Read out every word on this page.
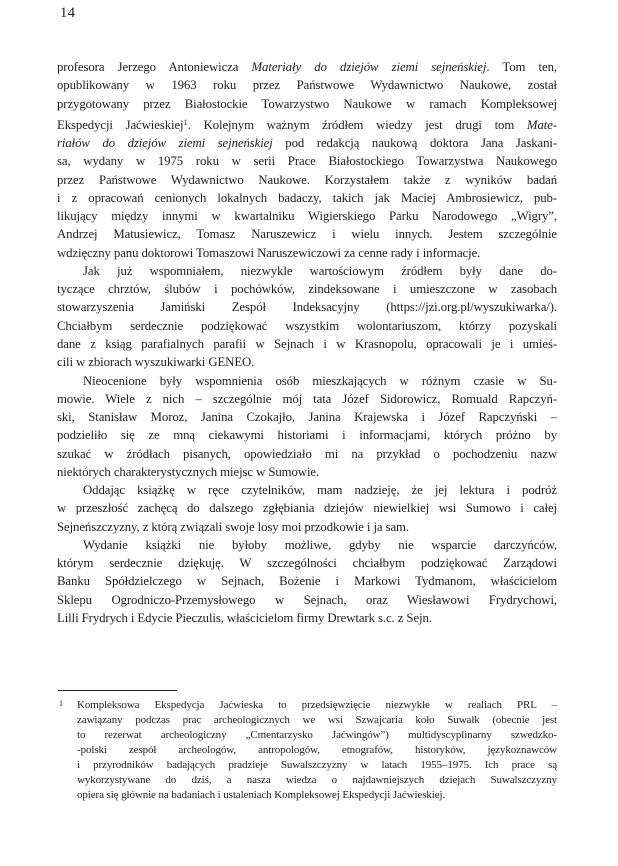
14
profesora Jerzego Antoniewicza Materiały do dziejów ziemi sejneńskiej. Tom ten,
opublikowany w 1963 roku przez Państwowe Wydawnictwo Naukowe, został
przygotowany przez Białostockie Towarzystwo Naukowe w ramach Kompleksowej
Ekspedycji Jaćwieskiej$^1$. Kolejnym ważnym źródłem wiedzy jest drugi tom Mate-
riałów do dziejów ziemi sejneńskiej pod redakcją naukową doktora Jana Jaskani-
sa, wydany w 1975 roku w serii Prace Białostockiego Towarzystwa Naukowego
przez Państwowe Wydawnictwo Naukowe. Korzystałem także z wyników badań
i z opracowań cenionych lokalnych badaczy, takich jak Maciej Ambrosiewicz, pub-
likujący między innymi w kwartalniku Wigierskiego Parku Narodowego „Wigry”,
Andrzej Matusiewicz, Tomasz Naruszewicz i wielu innych. Jestem szczególnie
wdzięczny panu doktorowi Tomaszowi Naruszewiczowi za cenne rady i informacje.
Jak już wspomniałem, niezwykle wartościowym źródłem były dane do-
tyczące chrztów, ślubów i pochówków, zindeksowane i umieszczone w zasobach
stowarzyszenia Jamiński Zespół Indeksacyjny (https://jzi.org.pl/wyszukiwarka/).
Chciałbym serdecznie podziękować wszystkim wolontariuszom, którzy pozyskali
dane z ksiąg parafialnych parafii w Sejnach i w Krasnopolu, opracowali je i umieś-
cili w zbiorach wyszukiwarki GENEO.
Nieocenione były wspomnienia osób mieszkających w różnym czasie w Su-
mowie. Wiele z nich – szczególnie mój tata Józef Sidorowicz, Romuald Rapczyń-
ski, Stanisław Moroz, Janina Czokajło, Janina Krajewska i Józef Rapczyński –
podzieliło się ze mną ciekawymi historiami i informacjami, których próżno by
szukać w źródłach pisanych, opowiedziało mi na przykład o pochodzeniu nazw
niektórych charakterystycznych miejsc w Sumowie.
Oddając książkę w ręce czytelników, mam nadzieję, że jej lektura i podróż
w przeszłość zachęcą do dalszego zgłębiania dziejów niewielkiej wsi Sumowo i całej
Sejneńszczyzny, z którą związali swoje losy moi przodkowie i ja sam.
Wydanie książki nie byłoby możliwe, gdyby nie wsparcie darczyńców,
którym serdecznie dziękuję. W szczególności chciałbym podziękować Zarządowi
Banku Spółdzielczego w Sejnach, Bożenie i Markowi Tydmanom, właścicielom
Sklepu Ogrodniczo-Przemysłowego w Sejnach, oraz Wiesławowi Frydrychowi,
Lilli Frydrych i Edycie Pieczulis, właścicielom firmy Drewtark s.c. z Sejn.
1 Kompleksowa Ekspedycja Jaćwieska to przedsięwzięcie niezwykłe w realiach PRL –
zawiązany podczas prac archeologicznych we wsi Szwajcaria koło Suwałk (obecnie jest
to rezerwat archeologiczny „Cmentarzysko Jaćwingów”) multidyscyplinarny szwedzko-
-polski zespół archeologów, antropologów, etnografów, historyków, językoznawców
i przyrodników badających pradzieje Suwalszczyzny w latach 1955–1975. Ich prace są
wykorzystywane do dziś, a nasza wiedza o najdawniejszych dziejach Suwalszczyzny
opiera się głównie na badaniach i ustaleniach Kompleksowej Ekspedycji Jaćwieskiej.
